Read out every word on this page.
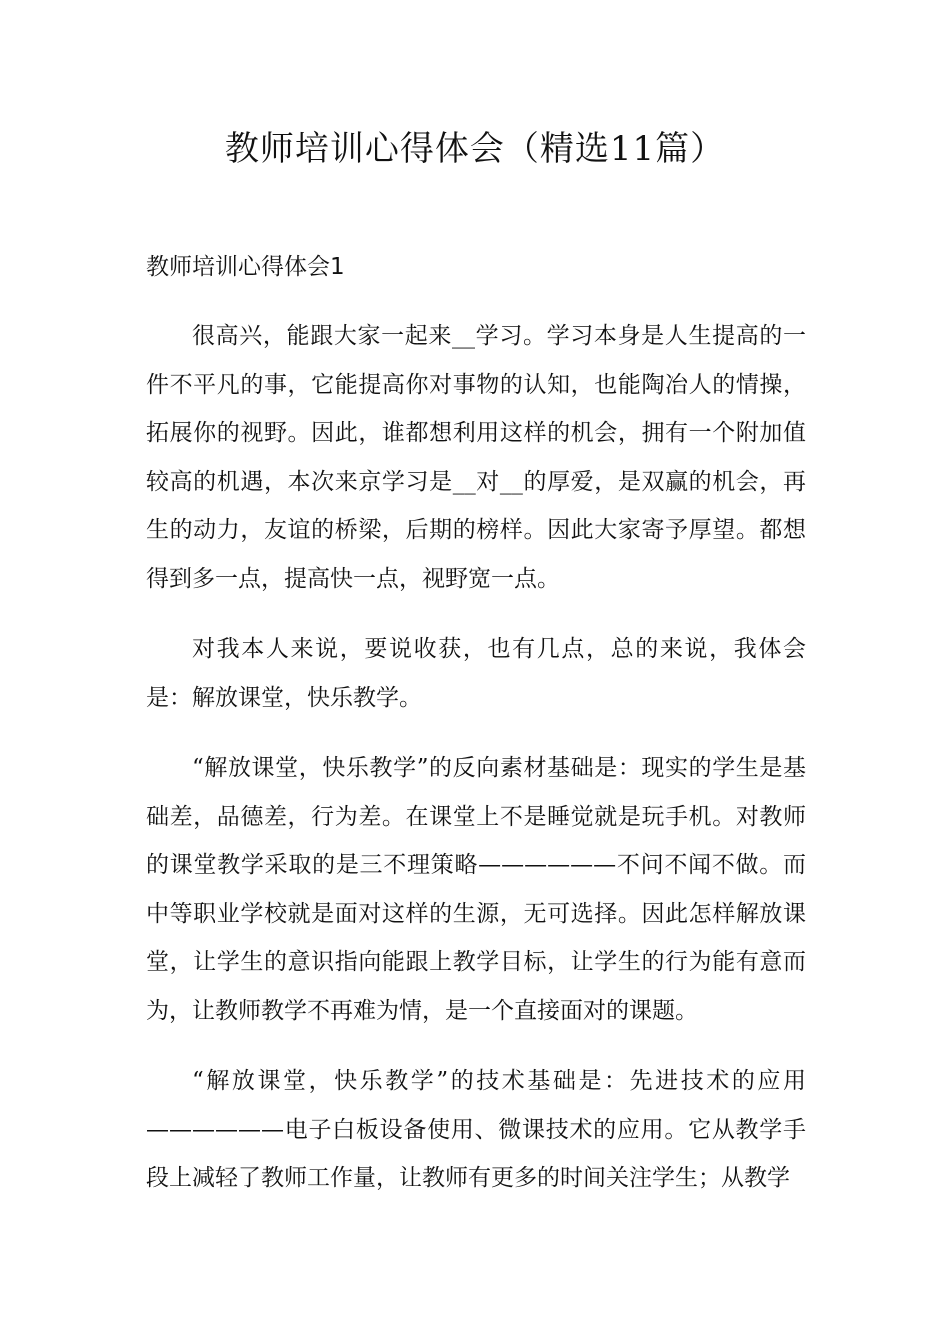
教师培训心得体会（精选11篇）
教师培训心得体会1

很高兴，能跟大家一起来__学习。学习本身是人生提高的一件不平凡的事，它能提高你对事物的认知，也能陶冶人的情操，拓展你的视野。因此，谁都想利用这样的机会，拥有一个附加值较高的机遇，本次来京学习是__对__的厚爱，是双赢的机会，再生的动力，友谊的桥梁，后期的榜样。因此大家寄予厚望。都想得到多一点，提高快一点，视野宽一点。

对我本人来说，要说收获，也有几点，总的来说，我体会是：解放课堂，快乐教学。

“解放课堂，快乐教学”的反向素材基础是：现实的学生是基础差，品德差，行为差。在课堂上不是睡觉就是玩手机。对教师的课堂教学采取的是三不理策略——————不问不闻不做。而中等职业学校就是面对这样的生源，无可选择。因此怎样解放课堂，让学生的意识指向能跟上教学目标，让学生的行为能有意而为，让教师教学不再难为情，是一个直接面对的课题。

“解放课堂，快乐教学”的技术基础是：先进技术的应用——————电子白板设备使用、微课技术的应用。它从教学手段上减轻了教师工作量，让教师有更多的时间关注学生；从教学
